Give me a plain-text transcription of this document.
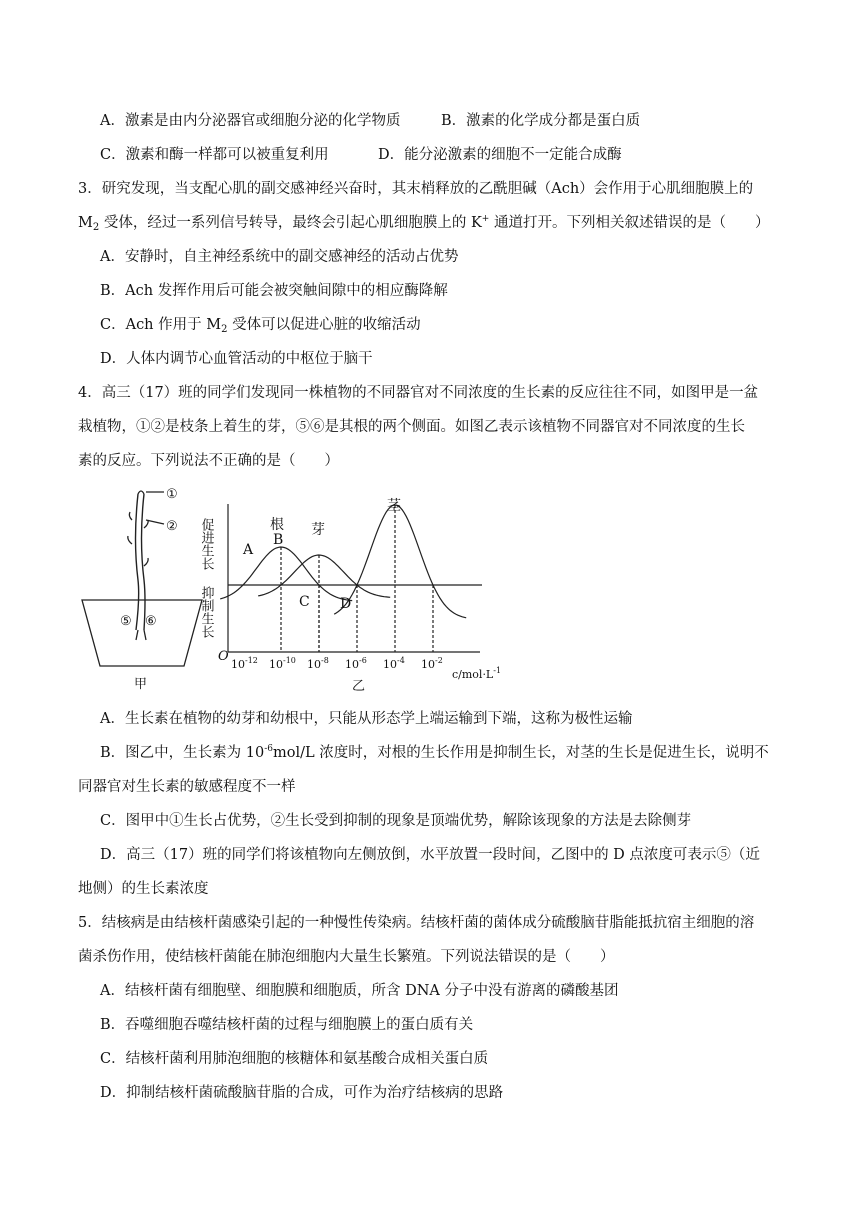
A．激素是由内分泌器官或细胞分泌的化学物质	B．激素的化学成分都是蛋白质
C．激素和酶一样都可以被重复利用	D．能分泌激素的细胞不一定能合成酶
3．研究发现，当支配心肌的副交感神经兴奋时，其末梢释放的乙酰胆碱（Ach）会作用于心肌细胞膜上的
$M_2$ 受体，经过一系列信号转导，最终会引起心肌细胞膜上的 K+ 通道打开。下列相关叙述错误的是（　　）
A．安静时，自主神经系统中的副交感神经的活动占优势
B．Ach 发挥作用后可能会被突触间隙中的相应酶降解
C．Ach 作用于 $M_2$ 受体可以促进心脏的收缩活动
D．人体内调节心血管活动的中枢位于脑干
4．高三（17）班的同学们发现同一株植物的不同器官对不同浓度的生长素的反应往往不同，如图甲是一盆
栽植物，①②是枝条上着生的芽，⑤⑥是其根的两个侧面。如图乙表示该植物不同器官对不同浓度的生长
素的反应。下列说法不正确的是（　　）
①
②
⑤ ⑥
甲
促进生长
抑制生长
O
$10^{-12}$ $10^{-10}$ $10^{-8}$ $10^{-6}$ $10^{-4}$ $10^{-2}$
$c/mol\cdot L^{-1}$
根 芽
茎
A
B
C D
乙
A．生长素在植物的幼芽和幼根中，只能从形态学上端运输到下端，这称为极性运输
B．图乙中，生长素为 $10^{-6}mol/L$ 浓度时，对根的生长作用是抑制生长，对茎的生长是促进生长，说明不
同器官对生长素的敏感程度不一样
C．图甲中①生长占优势，②生长受到抑制的现象是顶端优势，解除该现象的方法是去除侧芽
D．高三（17）班的同学们将该植物向左侧放倒，水平放置一段时间，乙图中的 D 点浓度可表示⑤（近
地侧）的生长素浓度
5．结核病是由结核杆菌感染引起的一种慢性传染病。结核杆菌的菌体成分硫酸脑苷脂能抵抗宿主细胞的溶
菌杀伤作用，使结核杆菌能在肺泡细胞内大量生长繁殖。下列说法错误的是（　　）
A．结核杆菌有细胞壁、细胞膜和细胞质，所含 DNA 分子中没有游离的磷酸基团
B．吞噬细胞吞噬结核杆菌的过程与细胞膜上的蛋白质有关
C．结核杆菌利用肺泡细胞的核糖体和氨基酸合成相关蛋白质
D．抑制结核杆菌硫酸脑苷脂的合成，可作为治疗结核病的思路
